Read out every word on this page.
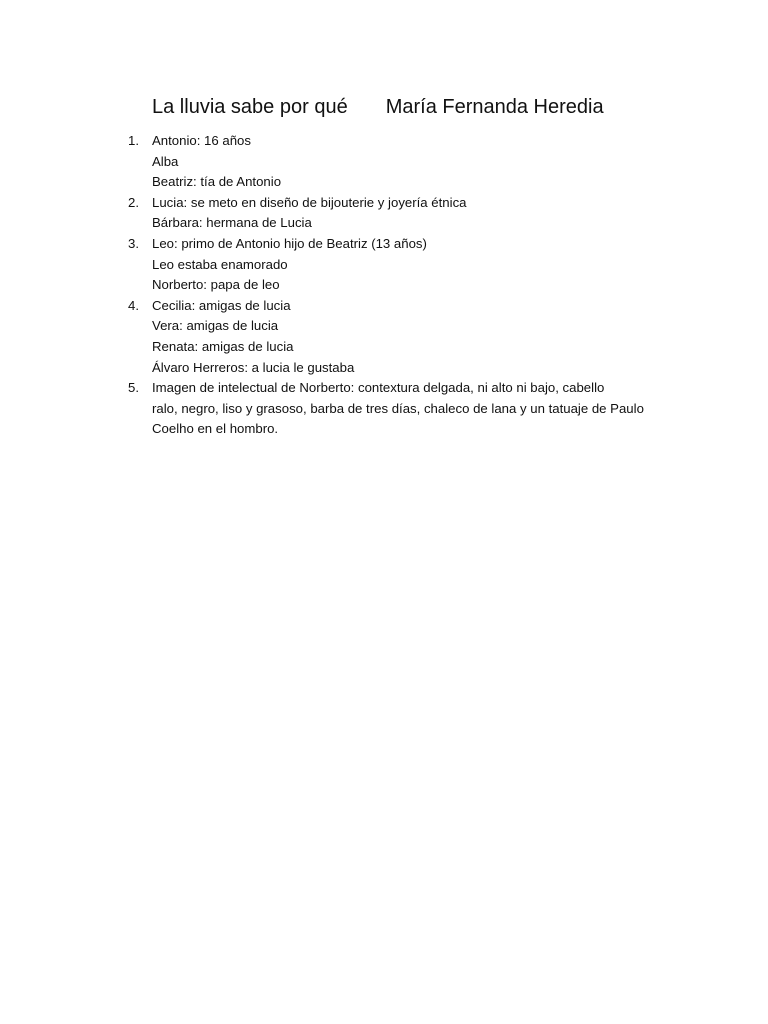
La lluvia sabe por qué María Fernanda Heredia
1. Antonio: 16 años
Alba
Beatriz: tía de Antonio
2. Lucia: se meto en diseño de bijouterie y joyería étnica
Bárbara: hermana de Lucia
3. Leo: primo de Antonio hijo de Beatriz (13 años)
Leo estaba enamorado
Norberto: papa de leo
4. Cecilia: amigas de lucia
Vera: amigas de lucia
Renata: amigas de lucia
Álvaro Herreros: a lucia le gustaba
5. Imagen de intelectual de Norberto: contextura delgada, ni alto ni bajo, cabello
ralo, negro, liso y grasoso, barba de tres días, chaleco de lana y un tatuaje de Paulo
Coelho en el hombro.
